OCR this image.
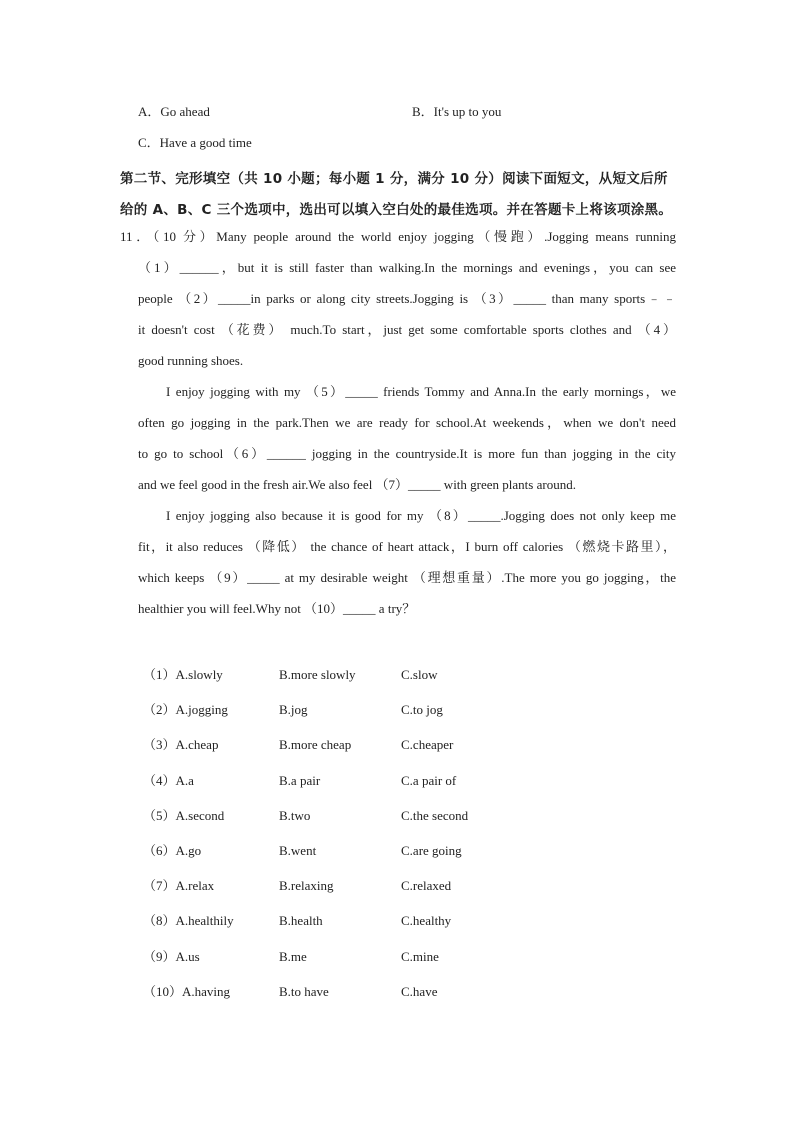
A．Go ahead	B．It's up to you
C．Have a good time
第二节、完形填空（共 10 小题；每小题 1 分，满分 10 分）阅读下面短文，从短文后所
给的 A、B、C 三个选项中，选出可以填入空白处的最佳选项。并在答题卡上将该项涂黑。
11．（10 分）Many people around the world enjoy jogging（慢跑）.Jogging means running
（1）______，but it is still faster than walking.In the mornings and evenings，you can see
people （2）_____in parks or along city streets.Jogging is （3）_____ than many sports﹣﹣
it doesn't cost （花费） much.To start，just get some comfortable sports clothes and （4）
good running shoes.
I enjoy jogging with my （5）_____ friends Tommy and Anna.In the early mornings，we
often go jogging in the park.Then we are ready for school.At weekends，when we don't need
to go to school（6）______ jogging in the countryside.It is more fun than jogging in the city
and we feel good in the fresh air.We also feel （7）_____ with green plants around.
I enjoy jogging also because it is good for my （8）_____.Jogging does not only keep me
fit，it also reduces （降低） the chance of heart attack，I burn off calories （燃烧卡路里），
which keeps （9）_____ at my desirable weight （理想重量）.The more you go jogging，the
healthier you will feel.Why not （10）_____ a try？
（1）A.slowly	B.more slowly	C.slow
（2）A.jogging	B.jog	C.to jog
（3）A.cheap	B.more cheap	C.cheaper
（4）A.a	B.a pair	C.a pair of
（5）A.second	B.two	C.the second
（6）A.go	B.went	C.are going
（7）A.relax	B.relaxing	C.relaxed
（8）A.healthily	B.health	C.healthy
（9）A.us	B.me	C.mine
（10）A.having	B.to have	C.have
